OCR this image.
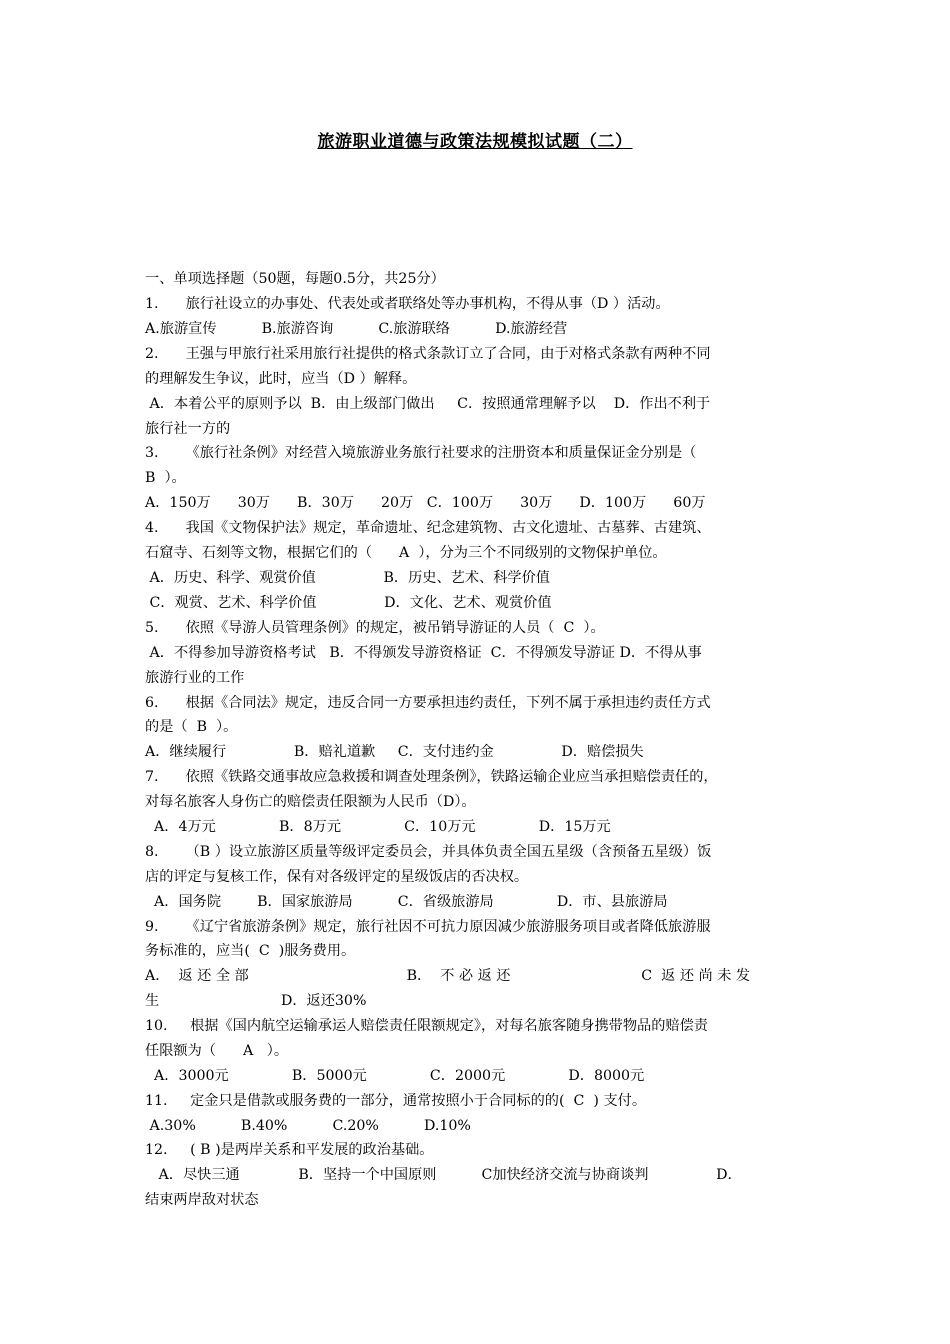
旅游职业道德与政策法规模拟试题（二）
一、单项选择题（50题，每题0.5分，共25分）
1.      旅行社设立的办事处、代表处或者联络处等办事机构，不得从事（D ）活动。
A.旅游宣传          B.旅游咨询          C.旅游联络          D.旅游经营
2.      王强与甲旅行社采用旅行社提供的格式条款订立了合同，由于对格式条款有两种不同
的理解发生争议，此时，应当（D ）解释。
A．本着公平的原则予以  B．由上级部门做出     C．按照通常理解予以    D．作出不利于
旅行社一方的
3.      《旅行社条例》对经营入境旅游业务旅行社要求的注册资本和质量保证金分别是（
B  ）。
A．150万      30万      B．30万      20万   C．100万      30万      D．100万      60万
4.      我国《文物保护法》规定，革命遗址、纪念建筑物、古文化遗址、古墓葬、古建筑、
石窟寺、石刻等文物，根据它们的（      A  ），分为三个不同级别的文物保护单位。
A．历史、科学、观赏价值               B．历史、艺术、科学价值
C．观赏、艺术、科学价值               D．文化、艺术、观赏价值
5.      依照《导游人员管理条例》的规定，被吊销导游证的人员（  C  ）。
A．不得参加导游资格考试   B．不得颁发导游资格证  C．不得颁发导游证 D．不得从事
旅游行业的工作
6.      根据《合同法》规定，违反合同一方要承担违约责任，下列不属于承担违约责任方式
的是（  B  ）。
A．继续履行               B．赔礼道歉     C．支付违约金               D．赔偿损失
7.      依照《铁路交通事故应急救援和调查处理条例》，铁路运输企业应当承担赔偿责任的，
对每名旅客人身伤亡的赔偿责任限额为人民币（D）。
A．4万元              B．8万元              C．10万元              D．15万元
8.      （B ）设立旅游区质量等级评定委员会，并具体负责全国五星级（含预备五星级）饭
店的评定与复核工作，保有对各级评定的星级饭店的否决权。
A．国务院        B．国家旅游局          C．省级旅游局              D．市、县旅游局
9.      《辽宁省旅游条例》规定，旅行社因不可抗力原因减少旅游服务项目或者降低旅游服
务标准的，应当(  C  )服务费用。
A．  返 还 全 部                                   B．  不 必 返 还                             C  返 还 尚 未 发
生                           D．返还30%
10.     根据《国内航空运输承运人赔偿责任限额规定》，对每名旅客随身携带物品的赔偿责
任限额为（      A   ）。
A．3000元              B．5000元              C．2000元              D．8000元
11.     定金只是借款或服务费的一部分，通常按照小于合同标的的(  C  ) 支付。
A.30%          B.40%          C.20%          D.10%
12.     ( B )是两岸关系和平发展的政治基础。
A．尽快三通             B．坚持一个中国原则          C加快经济交流与协商谈判               D．
结束两岸敌对状态
